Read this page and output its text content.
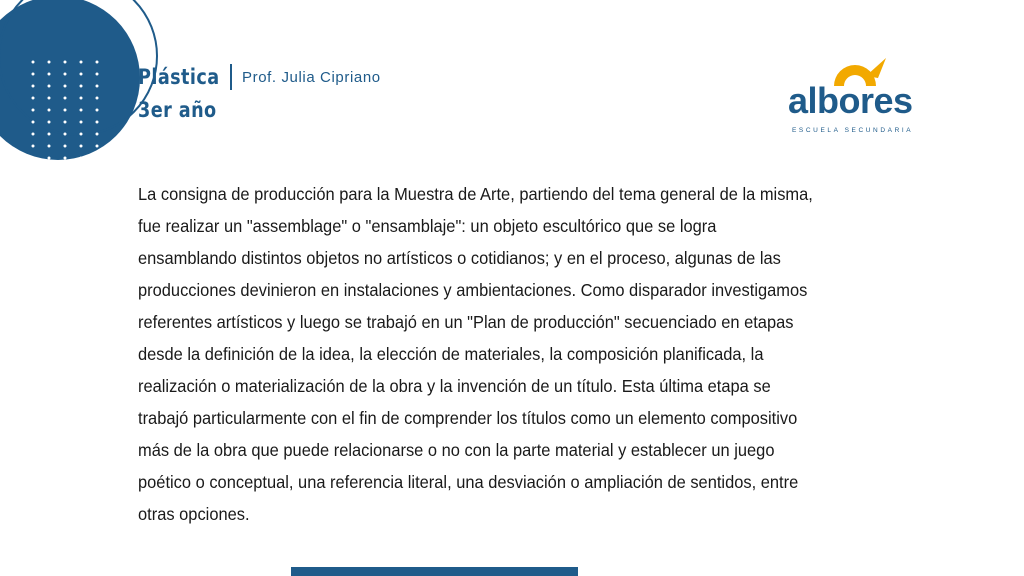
Plástica Prof. Julia Cipriano
3er año	albores
ESCUELA SECUNDARIA
La consigna de producción para la Muestra de Arte, partiendo del tema general de la misma, fue realizar un "assemblage" o "ensamblaje": un objeto escultórico que se logra ensamblando distintos objetos no artísticos o cotidianos; y en el proceso, algunas de las producciones devinieron en instalaciones y ambientaciones. Como disparador investigamos referentes artísticos y luego se trabajó en un "Plan de producción" secuenciado en etapas desde la definición de la idea, la elección de materiales, la composición planificada, la realización o materialización de la obra y la invención de un título. Esta última etapa se trabajó particularmente con el fin de comprender los títulos como un elemento compositivo más de la obra que puede relacionarse o no con la parte material y establecer un juego poético o conceptual, una referencia literal, una desviación o ampliación de sentidos, entre otras opciones.
